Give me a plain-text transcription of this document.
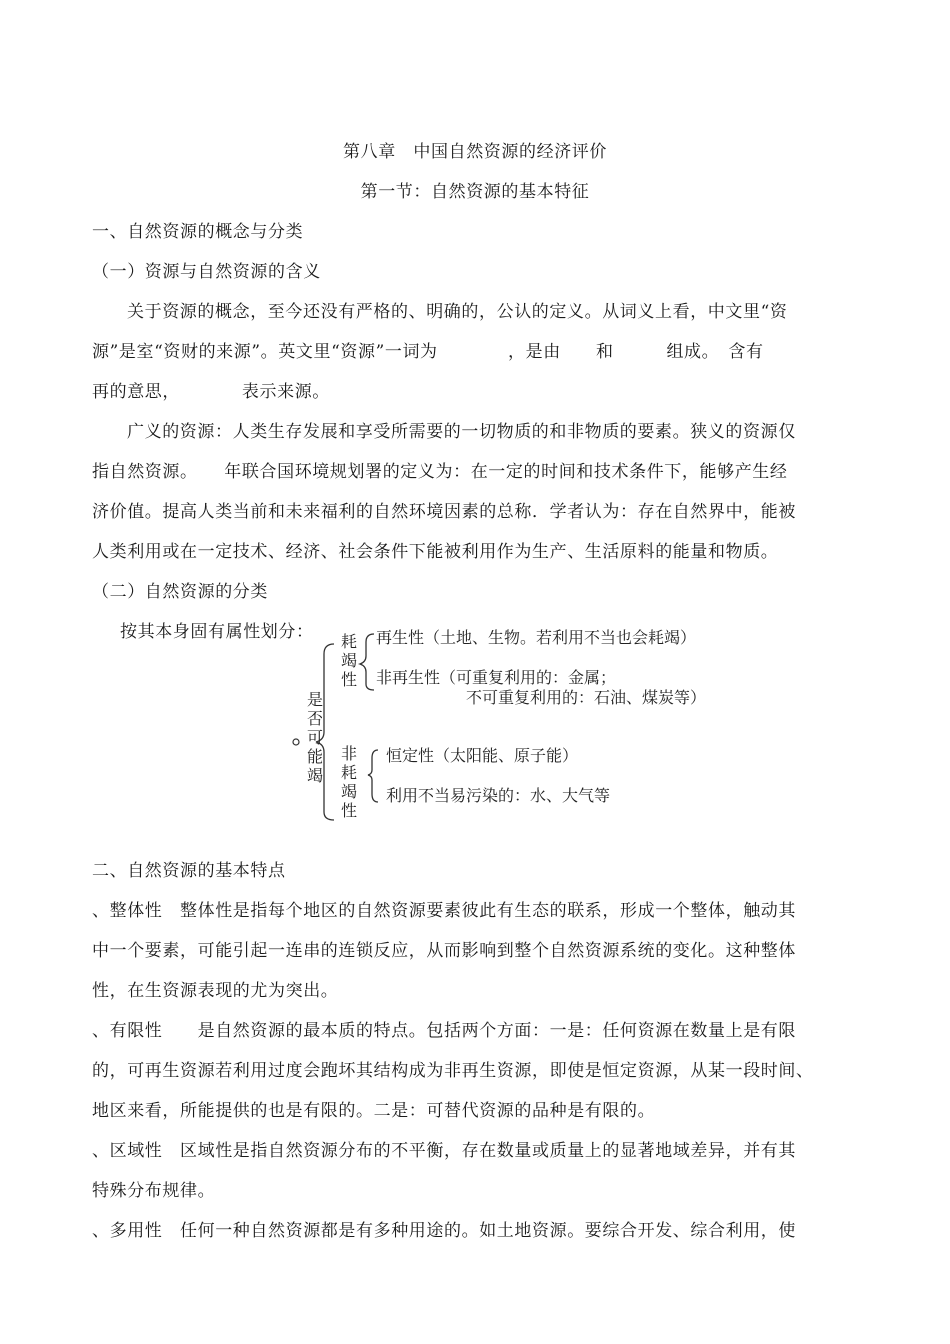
第八章　中国自然资源的经济评价
第一节：自然资源的基本特征
一、自然资源的概念与分类
（一）资源与自然资源的含义
关于资源的概念，至今还没有严格的、明确的，公认的定义。从词义上看，中文里“资
源”是室“资财的来源”。英文里“资源”一词为　　　　，是由　　和　　　组成。　含有
再的意思，　　　　表示来源。
广义的资源：人类生存发展和享受所需要的一切物质的和非物质的要素。狭义的资源仅
指自然资源。　　年联合国环境规划署的定义为：在一定的时间和技术条件下，能够产生经
济价值。提高人类当前和未来福利的自然环境因素的总称．学者认为：存在自然界中，能被
人类利用或在一定技术、经济、社会条件下能被利用作为生产、生活原料的能量和物质。
（二）自然资源的分类
按其本身固有属性划分：
是
否
可
能
竭
耗
竭
性
非
耗
竭
性
再生性（土地、生物。若利用不当也会耗竭）
非再生性（可重复利用的：金属；
不可重复利用的：石油、煤炭等）
恒定性（太阳能、原子能）
利用不当易污染的：水、大气等
二、自然资源的基本特点
、整体性　整体性是指每个地区的自然资源要素彼此有生态的联系，形成一个整体，触动其
中一个要素，可能引起一连串的连锁反应，从而影响到整个自然资源系统的变化。这种整体
性，在生资源表现的尤为突出。
、有限性　　是自然资源的最本质的特点。包括两个方面：一是：任何资源在数量上是有限
的，可再生资源若利用过度会跑坏其结构成为非再生资源，即使是恒定资源，从某一段时间、
地区来看，所能提供的也是有限的。二是：可替代资源的品种是有限的。
、区域性　区域性是指自然资源分布的不平衡，存在数量或质量上的显著地域差异，并有其
特殊分布规律。
、多用性　任何一种自然资源都是有多种用途的。如土地资源。要综合开发、综合利用，使
